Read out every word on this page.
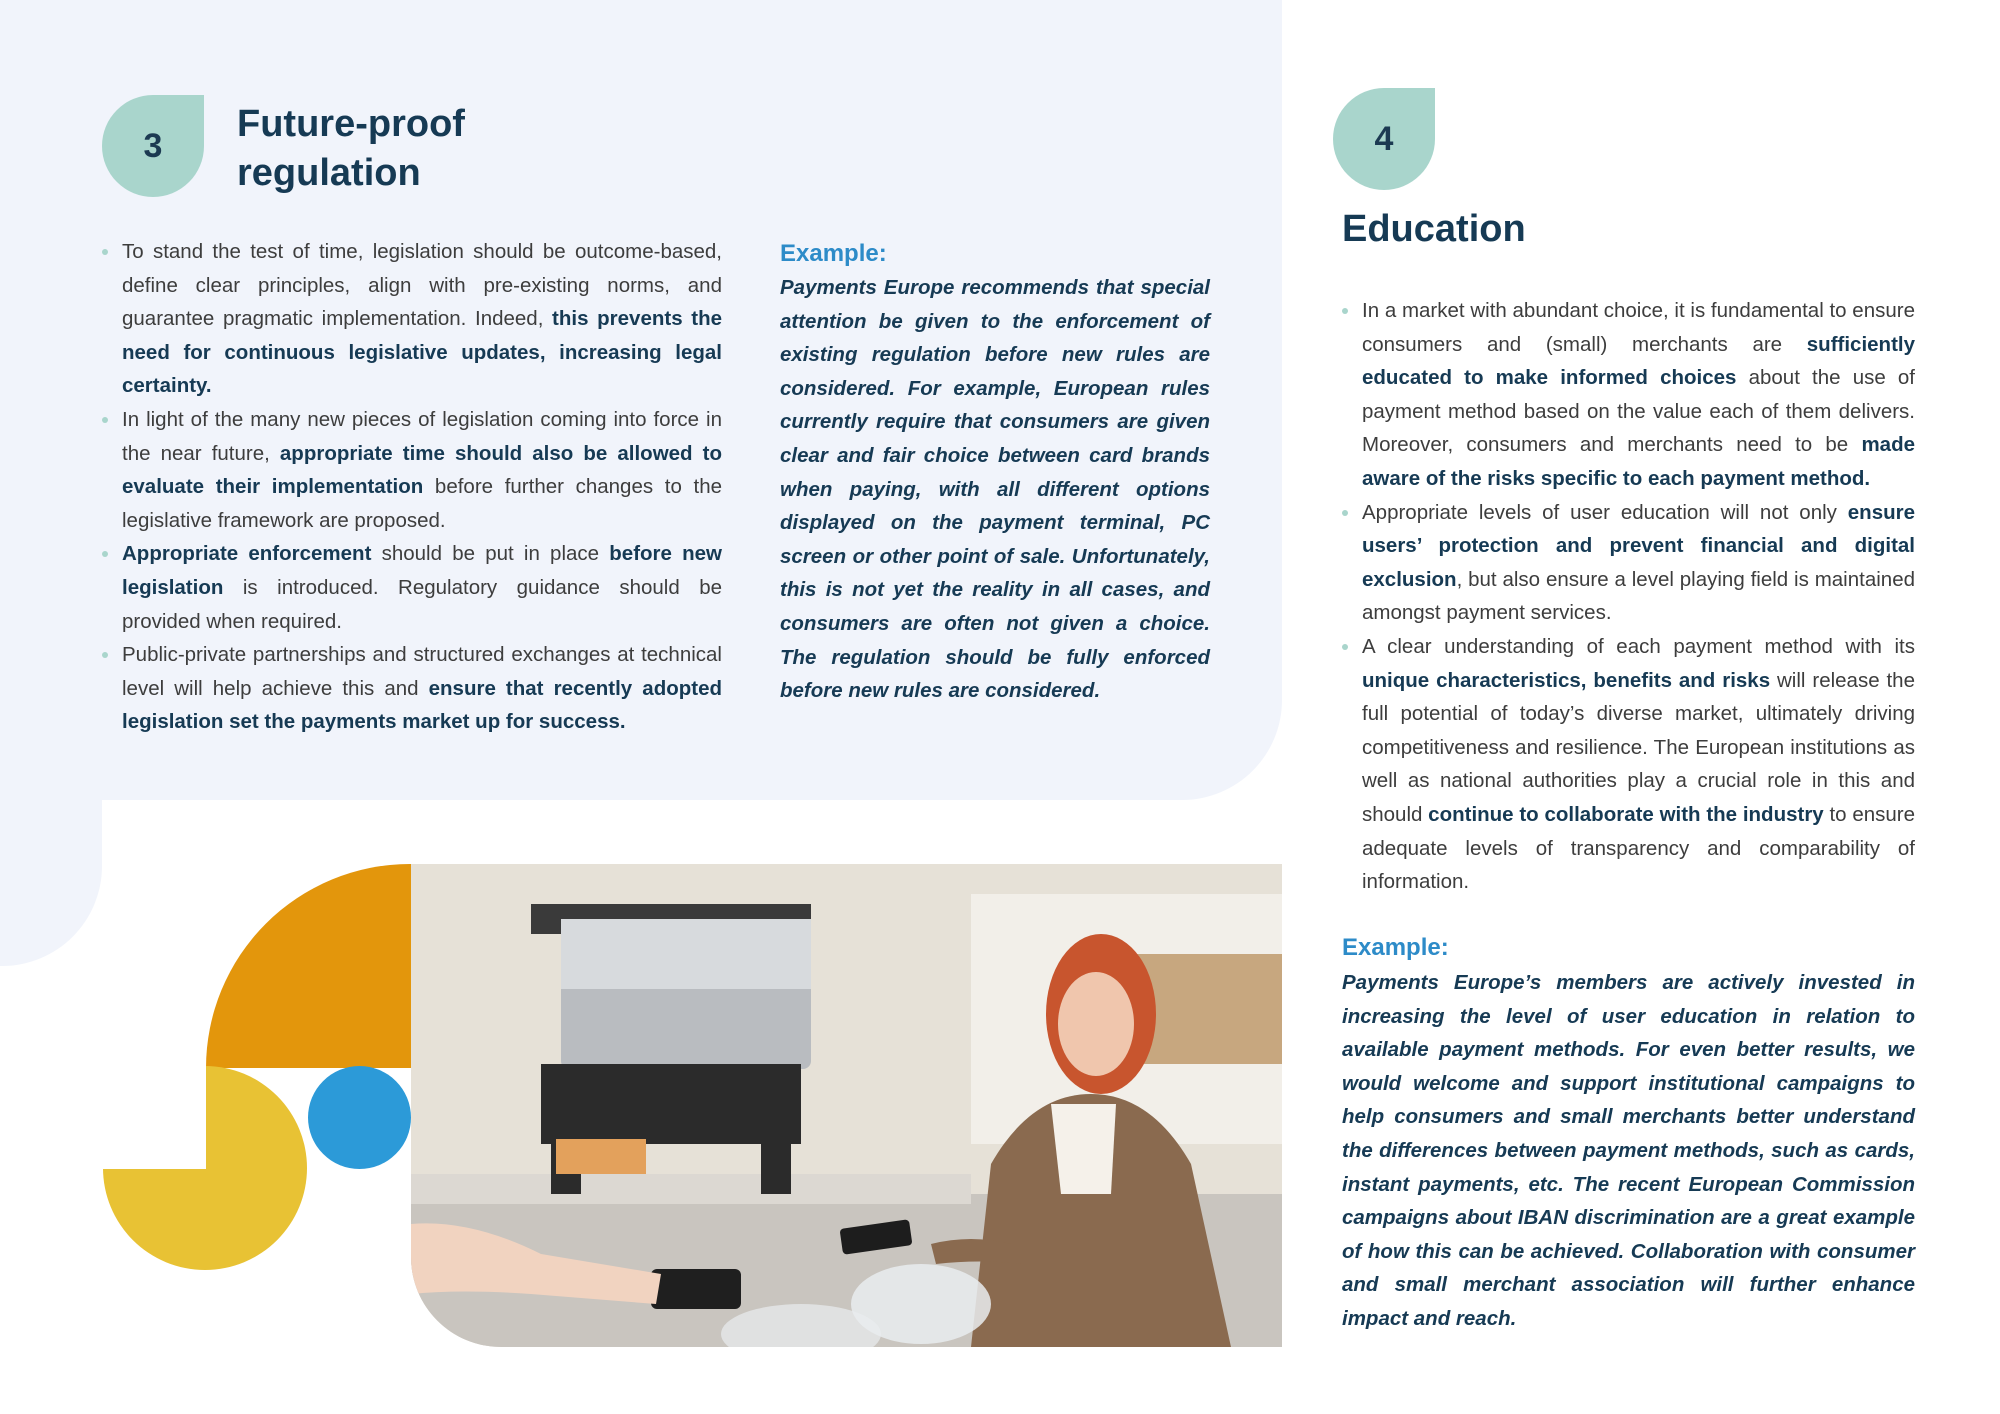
3
Future-proof
regulation
To stand the test of time, legislation should be outcome-based, define clear principles, align with pre-existing norms, and guarantee pragmatic implementation. Indeed, this prevents the need for continuous legislative updates, increasing legal certainty.
In light of the many new pieces of legislation coming into force in the near future, appropriate time should also be allowed to evaluate their implementation before further changes to the legislative framework are proposed.
Appropriate enforcement should be put in place before new legislation is introduced. Regulatory guidance should be provided when required.
Public-private partnerships and structured exchanges at technical level will help achieve this and ensure that recently adopted legislation set the payments market up for success.
Example:

Payments Europe recommends that special attention be given to the enforcement of existing regulation before new rules are considered. For example, European rules currently require that consumers are given clear and fair choice between card brands when paying, with all different options displayed on the payment terminal, PC screen or other point of sale. Unfortunately, this is not yet the reality in all cases, and consumers are often not given a choice. The regulation should be fully enforced before new rules are considered.

4
Education
In a market with abundant choice, it is fundamental to ensure consumers and (small) merchants are sufficiently educated to make informed choices about the use of payment method based on the value each of them delivers. Moreover, consumers and merchants need to be made aware of the risks specific to each payment method.
Appropriate levels of user education will not only ensure users’ protection and prevent financial and digital exclusion, but also ensure a level playing field is maintained amongst payment services.
A clear understanding of each payment method with its unique characteristics, benefits and risks will release the full potential of today’s diverse market, ultimately driving competitiveness and resilience. The European institutions as well as national authorities play a crucial role in this and should continue to collaborate with the industry to ensure adequate levels of transparency and comparability of information.
Example:

Payments Europe’s members are actively invested in increasing the level of user education in relation to available payment methods. For even better results, we would welcome and support institutional campaigns to help consumers and small merchants better understand the differences between payment methods, such as cards, instant payments, etc. The recent European Commission campaigns about IBAN discrimination are a great example of how this can be achieved. Collaboration with consumer and small merchant association will further enhance impact and reach.
